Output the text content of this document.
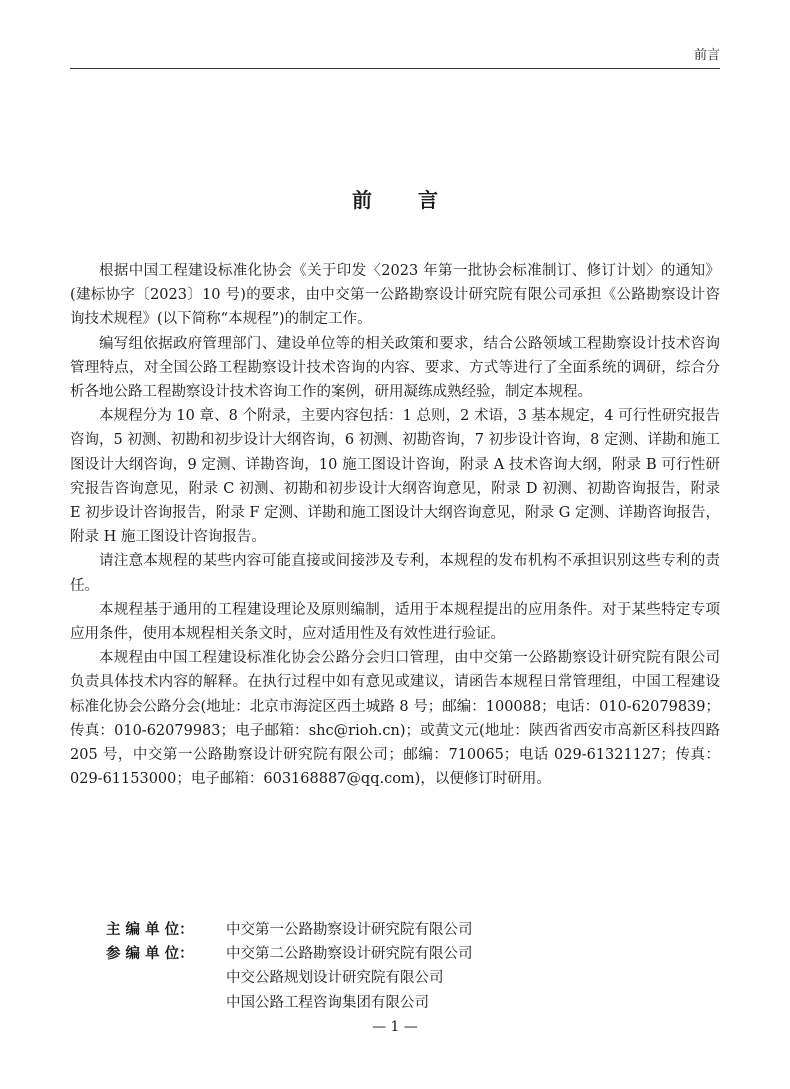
前言
前言

根据中国工程建设标准化协会《关于印发〈2023 年第一批协会标准制订、修订计划〉的通知》(建标协字〔2023〕10 号)的要求，由中交第一公路勘察设计研究院有限公司承担《公路勘察设计咨询技术规程》(以下简称“本规程”)的制定工作。

编写组依据政府管理部门、建设单位等的相关政策和要求，结合公路领域工程勘察设计技术咨询管理特点，对全国公路工程勘察设计技术咨询的内容、要求、方式等进行了全面系统的调研，综合分析各地公路工程勘察设计技术咨询工作的案例，研用凝练成熟经验，制定本规程。

本规程分为 10 章、8 个附录，主要内容包括：1 总则，2 术语，3 基本规定，4 可行性研究报告咨询，5 初测、初勘和初步设计大纲咨询，6 初测、初勘咨询，7 初步设计咨询，8 定测、详勘和施工图设计大纲咨询，9 定测、详勘咨询，10 施工图设计咨询，附录 A 技术咨询大纲，附录 B 可行性研究报告咨询意见，附录 C 初测、初勘和初步设计大纲咨询意见，附录 D 初测、初勘咨询报告，附录 E 初步设计咨询报告，附录 F 定测、详勘和施工图设计大纲咨询意见，附录 G 定测、详勘咨询报告，附录 H 施工图设计咨询报告。

请注意本规程的某些内容可能直接或间接涉及专利，本规程的发布机构不承担识别这些专利的责任。

本规程基于通用的工程建设理论及原则编制，适用于本规程提出的应用条件。对于某些特定专项应用条件，使用本规程相关条文时，应对适用性及有效性进行验证。

本规程由中国工程建设标准化协会公路分会归口管理，由中交第一公路勘察设计研究院有限公司负责具体技术内容的解释。在执行过程中如有意见或建议，请函告本规程日常管理组，中国工程建设标准化协会公路分会(地址：北京市海淀区西土城路 8 号；邮编：100088；电话：010-62079839；传真：010-62079983；电子邮箱：shc@rioh.cn)；或黄文元(地址：陕西省西安市高新区科技四路 205 号，中交第一公路勘察设计研究院有限公司；邮编：710065；电话 029-61321127；传真：029-61153000；电子邮箱：603168887@qq.com)，以便修订时研用。

主 编 单 位：	中交第一公路勘察设计研究院有限公司
参 编 单 位：	中交第二公路勘察设计研究院有限公司
中交公路规划设计研究院有限公司
中国公路工程咨询集团有限公司
— 1 —
